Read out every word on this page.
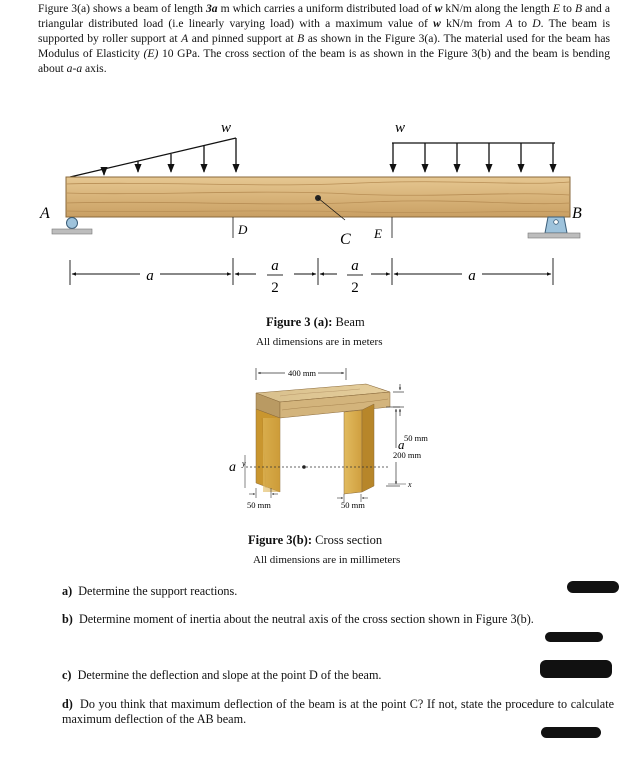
Figure 3(a) shows a beam of length 3a m which carries a uniform distributed load of w kN/m along the length E to B and a triangular distributed load (i.e linearly varying load) with a maximum value of w kN/m from A to D. The beam is supported by roller support at A and pinned support at B as shown in the Figure 3(a). The material used for the beam has Modulus of Elasticity (E) 10 GPa. The cross section of the beam is as shown in the Figure 3(b) and the beam is bending about a-a axis.

w	w
A	B
D
C E
a
a
2
a
2
a
Figure 3 (a): Beam
All dimensions are in meters
400 mm
50 mm
200 mm
a
a
y
x
50 mm	50 mm
Figure 3(b): Cross section
All dimensions are in millimeters

a) Determine the support reactions.

b) Determine moment of inertia about the neutral axis of the cross section shown in Figure 3(b).

c) Determine the deflection and slope at the point D of the beam.

d) Do you think that maximum deflection of the beam is at the point C? If not, state the procedure to calculate maximum deflection of the AB beam.
